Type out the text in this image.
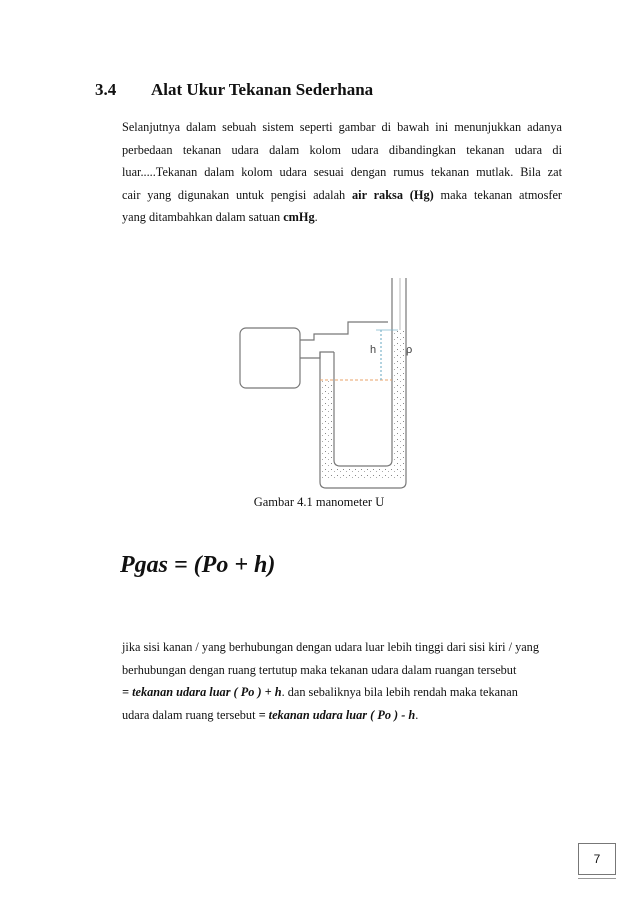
3.4 Alat Ukur Tekanan Sederhana
Selanjutnya dalam sebuah sistem seperti gambar di bawah ini menunjukkan adanya
perbedaan tekanan udara dalam kolom udara dibandingkan tekanan udara di
luar.....Tekanan dalam kolom udara sesuai dengan rumus tekanan mutlak. Bila zat
cair yang digunakan untuk pengisi adalah air raksa (Hg) maka tekanan atmosfer
yang ditambahkan dalam satuan cmHg.
h	ρ
Gambar 4.1 manometer U
Pgas = (Po + h)
jika sisi kanan / yang berhubungan dengan udara luar lebih tinggi dari sisi kiri / yang
berhubungan dengan ruang tertutup maka tekanan udara dalam ruangan tersebut
= tekanan udara luar ( Po ) + h. dan sebaliknya bila lebih rendah maka tekanan
udara dalam ruang tersebut = tekanan udara luar ( Po ) - h.
7
